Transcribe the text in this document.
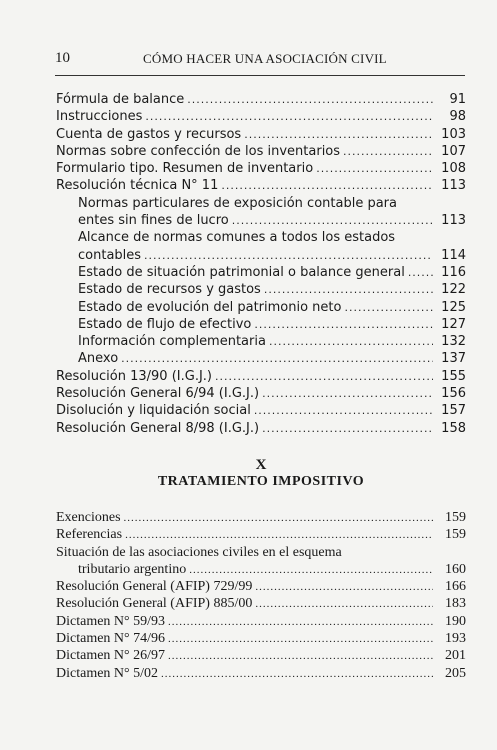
10	CÓMO HACER UNA ASOCIACIÓN CIVIL
Fórmula de balance .....	91
Instrucciones .....	98
Cuenta de gastos y recursos .....	103
Normas sobre confección de los inventarios .....	107
Formulario tipo. Resumen de inventario .....	108
Resolución técnica N° 11 .....	113
Normas particulares de exposición contable para
entes sin fines de lucro .....	113
Alcance de normas comunes a todos los estados
contables .....	114
Estado de situación patrimonial o balance general .....	116
Estado de recursos y gastos .....	122
Estado de evolución del patrimonio neto .....	125
Estado de flujo de efectivo .....	127
Información complementaria .....	132
Anexo .....	137
Resolución 13/90 (I.G.J.) .....	155
Resolución General 6/94 (I.G.J.) .....	156
Disolución y liquidación social .....	157
Resolución General 8/98 (I.G.J.) .....	158
X
TRATAMIENTO IMPOSITIVO
Exenciones .....	159
Referencias .....	159
Situación de las asociaciones civiles en el esquema
tributario argentino .....	160
Resolución General (AFIP) 729/99 .....	166
Resolución General (AFIP) 885/00 .....	183
Dictamen N° 59/93 .....	190
Dictamen N° 74/96 .....	193
Dictamen N° 26/97 .....	201
Dictamen N° 5/02 .....	205
